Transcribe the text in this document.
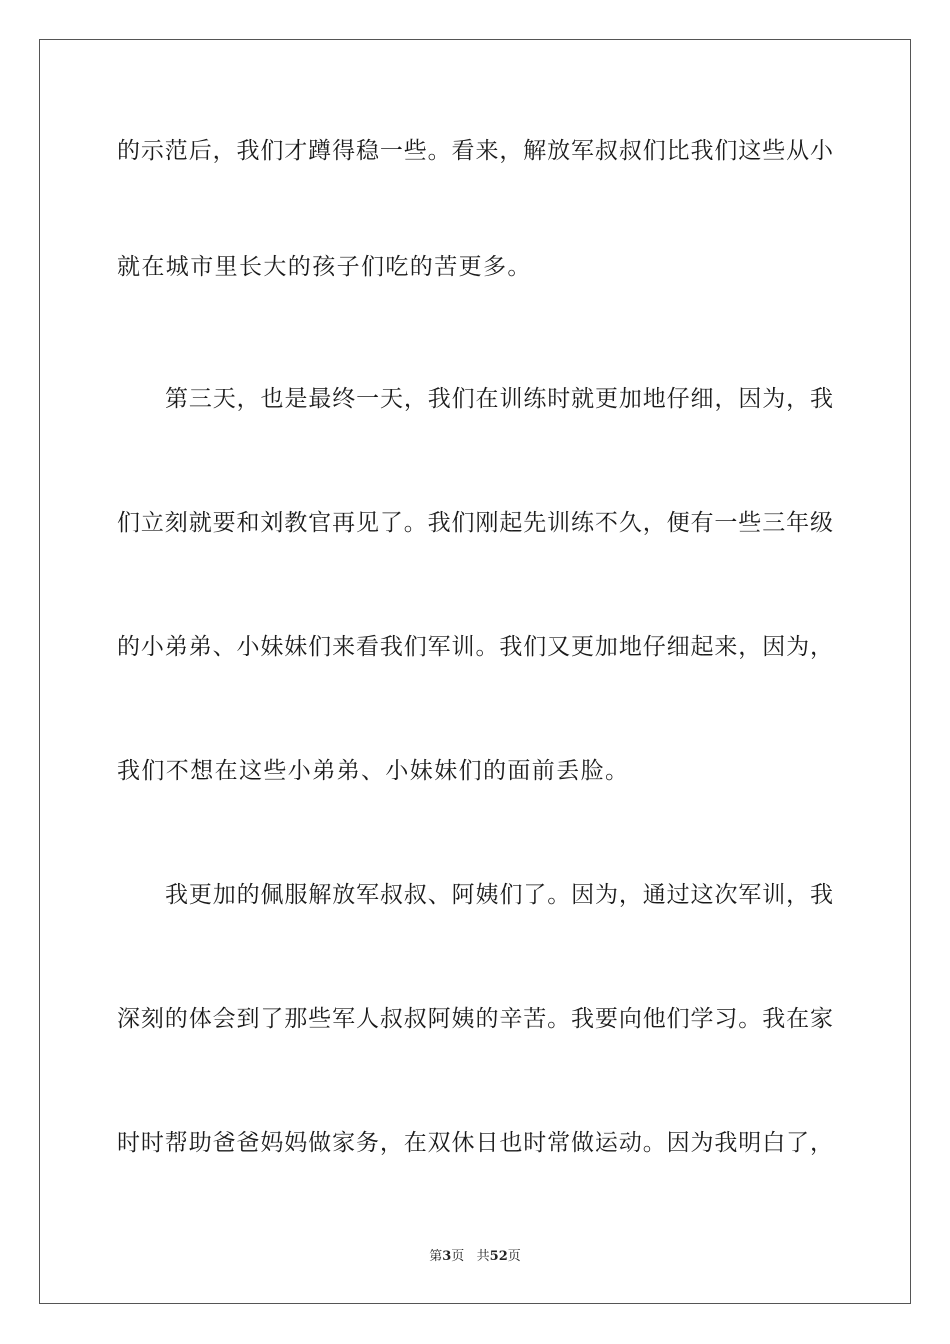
的示范后，我们才蹲得稳一些。看来，解放军叔叔们比我们这些从小
就在城市里长大的孩子们吃的苦更多。
第三天，也是最终一天，我们在训练时就更加地仔细，因为，我
们立刻就要和刘教官再见了。我们刚起先训练不久，便有一些三年级
的小弟弟、小妹妹们来看我们军训。我们又更加地仔细起来，因为，
我们不想在这些小弟弟、小妹妹们的面前丢脸。
我更加的佩服解放军叔叔、阿姨们了。因为，通过这次军训，我
深刻的体会到了那些军人叔叔阿姨的辛苦。我要向他们学习。我在家
时时帮助爸爸妈妈做家务，在双休日也时常做运动。因为我明白了，
第3页   共52页
